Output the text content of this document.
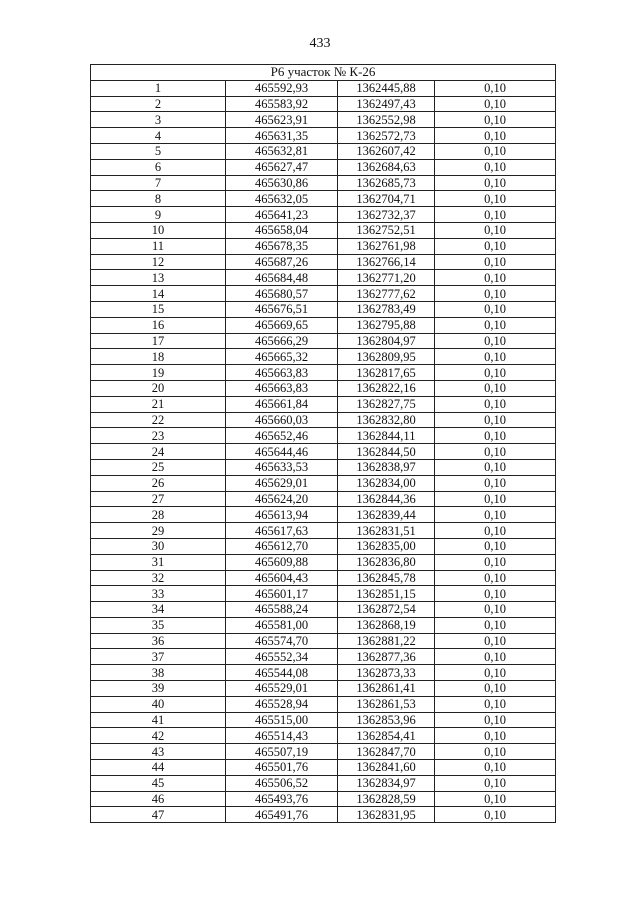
433
Р6 участок № К-26			
1	465592,93	1362445,88	0,10
2	465583,92	1362497,43	0,10
3	465623,91	1362552,98	0,10
4	465631,35	1362572,73	0,10
5	465632,81	1362607,42	0,10
6	465627,47	1362684,63	0,10
7	465630,86	1362685,73	0,10
8	465632,05	1362704,71	0,10
9	465641,23	1362732,37	0,10
10	465658,04	1362752,51	0,10
11	465678,35	1362761,98	0,10
12	465687,26	1362766,14	0,10
13	465684,48	1362771,20	0,10
14	465680,57	1362777,62	0,10
15	465676,51	1362783,49	0,10
16	465669,65	1362795,88	0,10
17	465666,29	1362804,97	0,10
18	465665,32	1362809,95	0,10
19	465663,83	1362817,65	0,10
20	465663,83	1362822,16	0,10
21	465661,84	1362827,75	0,10
22	465660,03	1362832,80	0,10
23	465652,46	1362844,11	0,10
24	465644,46	1362844,50	0,10
25	465633,53	1362838,97	0,10
26	465629,01	1362834,00	0,10
27	465624,20	1362844,36	0,10
28	465613,94	1362839,44	0,10
29	465617,63	1362831,51	0,10
30	465612,70	1362835,00	0,10
31	465609,88	1362836,80	0,10
32	465604,43	1362845,78	0,10
33	465601,17	1362851,15	0,10
34	465588,24	1362872,54	0,10
35	465581,00	1362868,19	0,10
36	465574,70	1362881,22	0,10
37	465552,34	1362877,36	0,10
38	465544,08	1362873,33	0,10
39	465529,01	1362861,41	0,10
40	465528,94	1362861,53	0,10
41	465515,00	1362853,96	0,10
42	465514,43	1362854,41	0,10
43	465507,19	1362847,70	0,10
44	465501,76	1362841,60	0,10
45	465506,52	1362834,97	0,10
46	465493,76	1362828,59	0,10
47	465491,76	1362831,95	0,10
